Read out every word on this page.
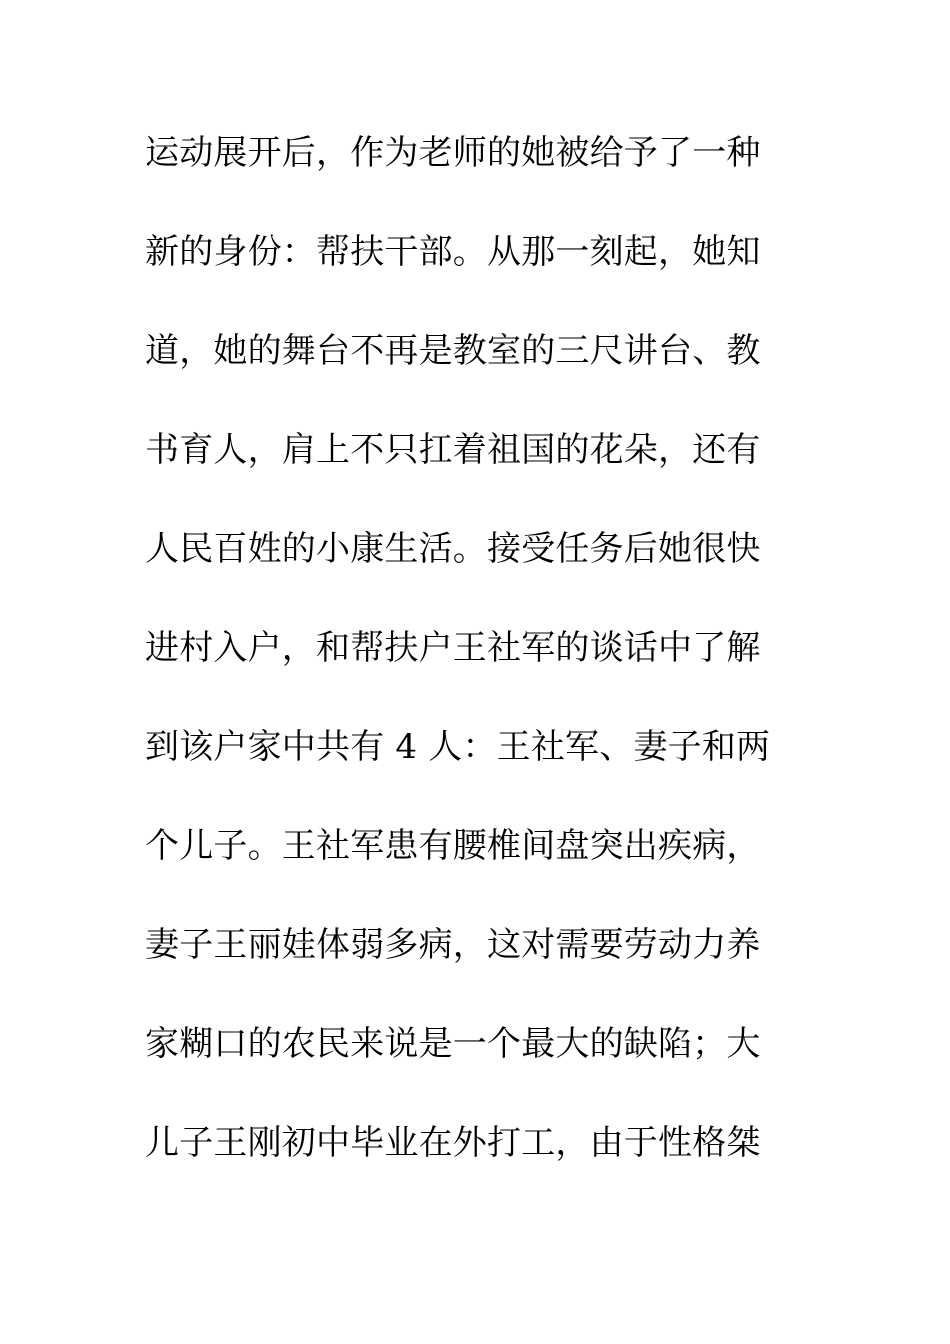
运动展开后，作为老师的她被给予了一种
新的身份：帮扶干部。从那一刻起，她知
道，她的舞台不再是教室的三尺讲台、教
书育人，肩上不只扛着祖国的花朵，还有
人民百姓的小康生活。接受任务后她很快
进村入户，和帮扶户王社军的谈话中了解
到该户家中共有 4 人：王社军、妻子和两
个儿子。王社军患有腰椎间盘突出疾病，
妻子王丽娃体弱多病，这对需要劳动力养
家糊口的农民来说是一个最大的缺陷；大
儿子王刚初中毕业在外打工，由于性格桀
